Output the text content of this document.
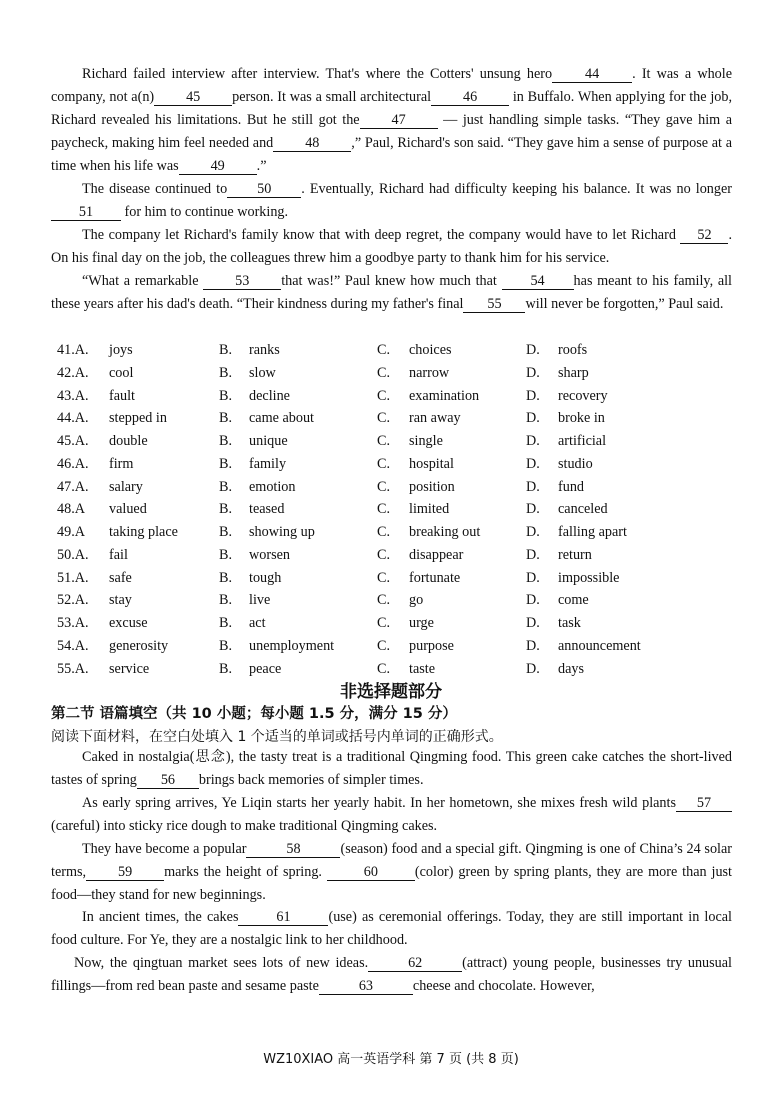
Richard failed interview after interview. That's where the Cotters' unsung hero 44 . It was a whole company, not a(n) 45 person. It was a small architectural 46 in Buffalo. When applying for the job, Richard revealed his limitations. But he still got the 47 — just handling simple tasks. “They gave him a paycheck, making him feel needed and 48 ,” Paul, Richard's son said. “They gave him a sense of purpose at a time when his life was 49 .”
The disease continued to 50 . Eventually, Richard had difficulty keeping his balance. It was no longer51 for him to continue working.
The company let Richard's family know that with deep regret, the company would have to let Richard 52 . On his final day on the job, the colleagues threw him a goodbye party to thank him for his service.
“What a remarkable 53 that was!” Paul knew how much that 54 has meant to his family, all these years after his dad's death. “Their kindness during my father's final 55 will never be forgotten,” Paul said.
41.A. joys	B. ranks	C. choices	D. roofs
42.A. cool	B. slow	C. narrow	D. sharp
43.A. fault	B. decline	C. examination	D. recovery
44.A. stepped in	B. came about	C. ran away	D. broke in
45.A. double	B. unique	C. single	D. artificial
46.A. firm	B. family	C. hospital	D. studio
47.A. salary	B. emotion	C. position	D. fund
48.A valued	B. teased	C. limited	D. canceled
49.A taking place	B. showing up	C. breaking out	D. falling apart
50.A. fail	B. worsen	C. disappear	D. return
51.A. safe	B. tough	C. fortunate	D. impossible
52.A. stay	B. live	C. go	D. come
53.A. excuse	B. act	C. urge	D. task
54.A. generosity	B. unemployment	C. purpose	D. announcement
55.A. service	B. peace	C. taste	D. days
非选择题部分
第二节 语篇填空（共 10 小题；每小题 1.5 分，满分 15 分）
阅读下面材料，在空白处填入 1 个适当的单词或括号内单词的正确形式。
Caked in nostalgia(思念), the tasty treat is a traditional Qingming food. This green cake catches the short-lived tastes of spring 56 brings back memories of simpler times.
As early spring arrives, Ye Liqin starts her yearly habit. In her hometown, she mixes fresh wild plants 57(careful) into sticky rice dough to make traditional Qingming cakes.
They have become a popular	58	(season) food and a special gift. Qingming is one of China’s 24 solar terms, 59 marks the height of spring.	60	(color) green by spring plants, they are more than just food—they stand for new beginnings.
In ancient times, the cakes	61	(use) as ceremonial offerings. Today, they are still important in local food culture. For Ye, they are a nostalgic link to her childhood.
Now, the qingtuan market sees lots of new ideas.	62	(attract) young people, businesses try unusual fillings—from red bean paste and sesame paste	63	cheese and chocolate. However,
WZ10XIAO 高一英语学科 第 7 页 (共 8 页)
